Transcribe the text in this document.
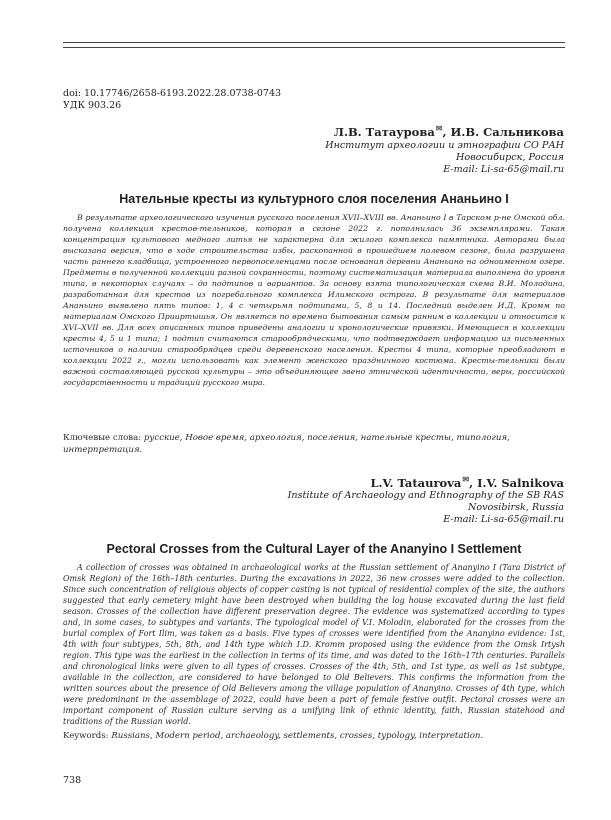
doi: 10.17746/2658-6193.2022.28.0738-0743
УДК 903.26
Л.В. Татаурова✉, И.В. Сальникова
Институт археологии и этнографии СО РАН
Новосибирск, Россия
E-mail: Li-sa-65@mail.ru
Нательные кресты из культурного слоя поселения Ананьино I
В результате археологического изучения русского поселения XVII–XVIII вв. Ананьино I в Тарском р-не Омской обл. получена коллекция крестов-тельников, которая в сезоне 2022 г. пополнилась 36 экземплярами. Такая концентрация культового медного литья не характерна для жилого комплекса памятника. Авторами была высказана версия, что в ходе строительства избы, раскопанной в прошедшем полевом сезоне, была разрушена часть раннего кладбища, устроенного первопоселенцами после основания деревни Ананьино на одноименном озере. Предметы в полученной коллекции разной сохранности, поэтому систематизация материала выполнена до уровня типа, в некоторых случаях – до подтипов и вариантов. За основу взята типологическая схема В.И. Молодина, разработанная для крестов из погребального комплекса Илимского острога. В результате для материалов Ананьино выявлено пять типов: 1, 4 с четырьмя подтипами, 5, 8 и 14. Последний выделен И.Д. Кромм по материалам Омского Прииртышья. Он является по времени бытования самым ранним в коллекции и относится к XVI–XVII вв. Для всех описанных типов приведены аналогии и хронологические привязки. Имеющиеся в коллекции кресты 4, 5 и 1 типа; 1 подтип считаются старообрядческими, что подтверждает информацию из письменных источников о наличии старообрядцев среди деревенского населения. Кресты 4 типа, которые преобладают в коллекции 2022 г., могли использовать как элемент женского праздничного костюма. Кресты-тельники были важной составляющей русской культуры – это объединяющее звено этнической идентичности, веры, российской государственности и традиций русского мира.
Ключевые слова: русские, Новое время, археология, поселения, нательные кресты, типология, интерпретация.
L.V. Tataurova✉, I.V. Salnikova
Institute of Archaeology and Ethnography of the SB RAS
Novosibirsk, Russia
E-mail: Li-sa-65@mail.ru
Pectoral Crosses from the Cultural Layer of the Ananyino I Settlement
A collection of crosses was obtained in archaeological works at the Russian settlement of Ananyino I (Tara District of Omsk Region) of the 16th–18th centuries. During the excavations in 2022, 36 new crosses were added to the collection. Since such concentration of religious objects of copper casting is not typical of residential complex of the site, the authors suggested that early cemetery might have been destroyed when building the log house excavated during the last field season. Crosses of the collection have different preservation degree. The evidence was systematized according to types and, in some cases, to subtypes and variants. The typological model of V.I. Molodin, elaborated for the crosses from the burial complex of Fort Ilim, was taken as a basis. Five types of crosses were identified from the Ananyino evidence: 1st, 4th with four subtypes, 5th, 8th, and 14th type which I.D. Kromm proposed using the evidence from the Omsk Irtysh region. This type was the earliest in the collection in terms of its time, and was dated to the 16th–17th centuries. Parallels and chronological links were given to all types of crosses. Crosses of the 4th, 5th, and 1st type, as well as 1st subtype, available in the collection, are considered to have belonged to Old Believers. This confirms the information from the written sources about the presence of Old Believers among the village population of Ananyino. Crosses of 4th type, which were predominant in the assemblage of 2022, could have been a part of female festive outfit. Pectoral crosses were an important component of Russian culture serving as a unifying link of ethnic identity, faith, Russian statehood and traditions of the Russian world.
Keywords: Russians, Modern period, archaeology, settlements, crosses, typology, interpretation.
738
